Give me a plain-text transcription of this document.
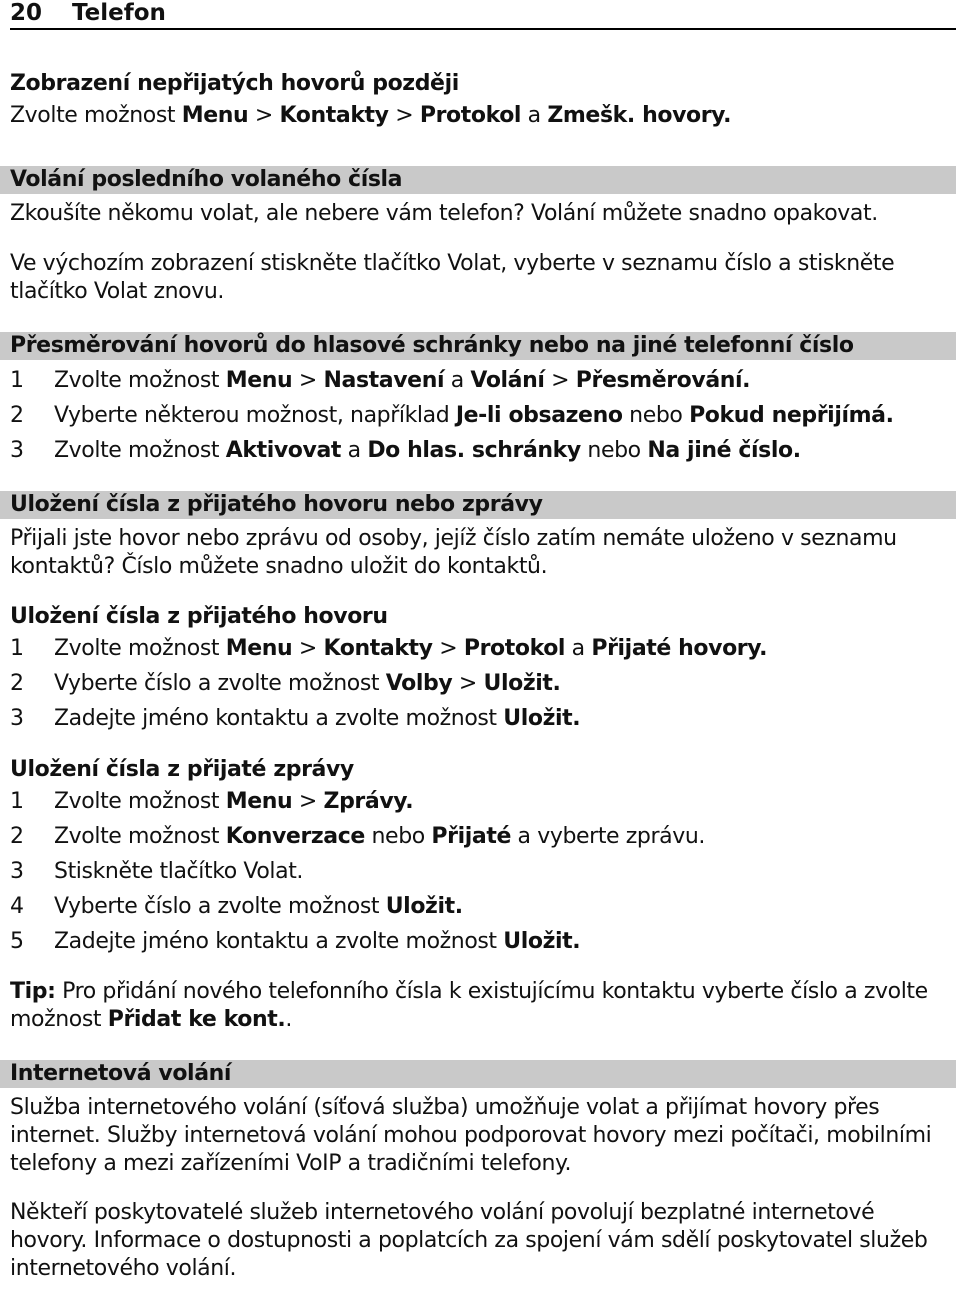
20 Telefon
Zobrazení nepřijatých hovorů později
Zvolte možnost Menu > Kontakty > Protokol a Zmešk. hovory.
Volání posledního volaného čísla
Zkoušíte někomu volat, ale nebere vám telefon? Volání můžete snadno opakovat.
Ve výchozím zobrazení stiskněte tlačítko Volat, vyberte v seznamu číslo a stiskněte
tlačítko Volat znovu.
Přesměrování hovorů do hlasové schránky nebo na jiné telefonní číslo
1 Zvolte možnost Menu > Nastavení a Volání > Přesměrování.
2 Vyberte některou možnost, například Je-li obsazeno nebo Pokud nepřijímá.
3 Zvolte možnost Aktivovat a Do hlas. schránky nebo Na jiné číslo.
Uložení čísla z přijatého hovoru nebo zprávy
Přijali jste hovor nebo zprávu od osoby, jejíž číslo zatím nemáte uloženo v seznamu
kontaktů? Číslo můžete snadno uložit do kontaktů.
Uložení čísla z přijatého hovoru
1 Zvolte možnost Menu > Kontakty > Protokol a Přijaté hovory.
2 Vyberte číslo a zvolte možnost Volby > Uložit.
3 Zadejte jméno kontaktu a zvolte možnost Uložit.
Uložení čísla z přijaté zprávy
1 Zvolte možnost Menu > Zprávy.
2 Zvolte možnost Konverzace nebo Přijaté a vyberte zprávu.
3 Stiskněte tlačítko Volat.
4 Vyberte číslo a zvolte možnost Uložit.
5 Zadejte jméno kontaktu a zvolte možnost Uložit.
Tip: Pro přidání nového telefonního čísla k existujícímu kontaktu vyberte číslo a zvolte
možnost Přidat ke kont..
Internetová volání
Služba internetového volání (síťová služba) umožňuje volat a přijímat hovory přes
internet. Služby internetová volání mohou podporovat hovory mezi počítači, mobilními
telefony a mezi zařízeními VoIP a tradičními telefony.
Někteří poskytovatelé služeb internetového volání povolují bezplatné internetové
hovory. Informace o dostupnosti a poplatcích za spojení vám sdělí poskytovatel služeb
internetového volání.
